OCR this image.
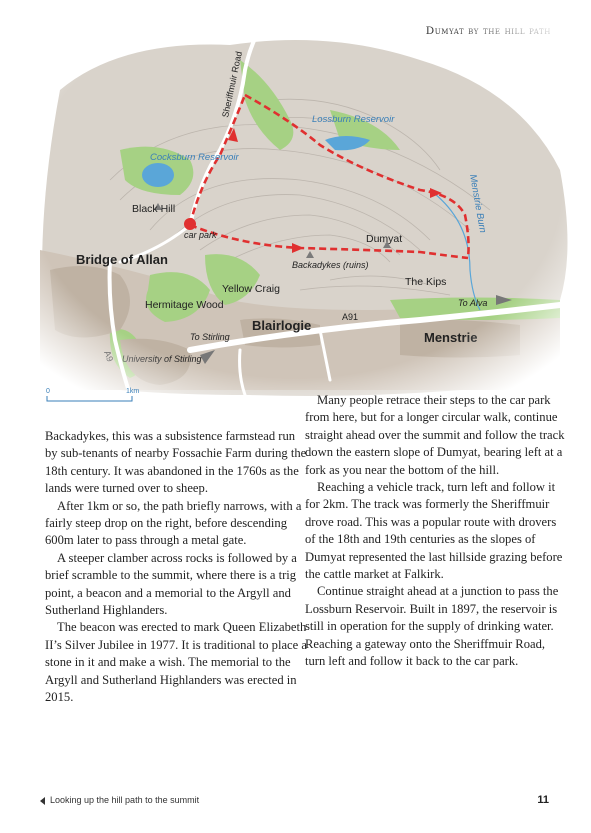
0	1km

Backadykes, this was a subsistence farmstead run by sub-tenants of nearby Fossachie Farm during the 18th century. It was abandoned in the 1760s as the lands were turned over to sheep.

After 1km or so, the path briefly narrows, with a fairly steep drop on the right, before descending 600m later to pass through a metal gate.

A steeper clamber across rocks is followed by a brief scramble to the summit, where there is a trig point, a beacon and a memorial to the Argyll and Sutherland Highlanders.

The beacon was erected to mark Queen Elizabeth II’s Silver Jubilee in 1977. It is traditional to place a stone in it and make a wish. The memorial to the Argyll and Sutherland Highlanders was erected in 2015.

Many people retrace their steps to the car park from here, but for a longer circular walk, continue straight ahead over the summit and follow the track down the eastern slope of Dumyat, bearing left at a fork as you near the bottom of the hill.

Reaching a vehicle track, turn left and follow it for 2km. The track was formerly the Sheriffmuir drove road. This was a popular route with drovers of the 18th and 19th centuries as the slopes of Dumyat represented the last hillside grazing before the cattle market at Falkirk.

Continue straight ahead at a junction to pass the Lossburn Reservoir. Built in 1897, the reservoir is still in operation for the supply of drinking water. Reaching a gateway onto the Sheriffmuir Road, turn left and follow it back to the car park.

Looking up the hill path to the summit	11
